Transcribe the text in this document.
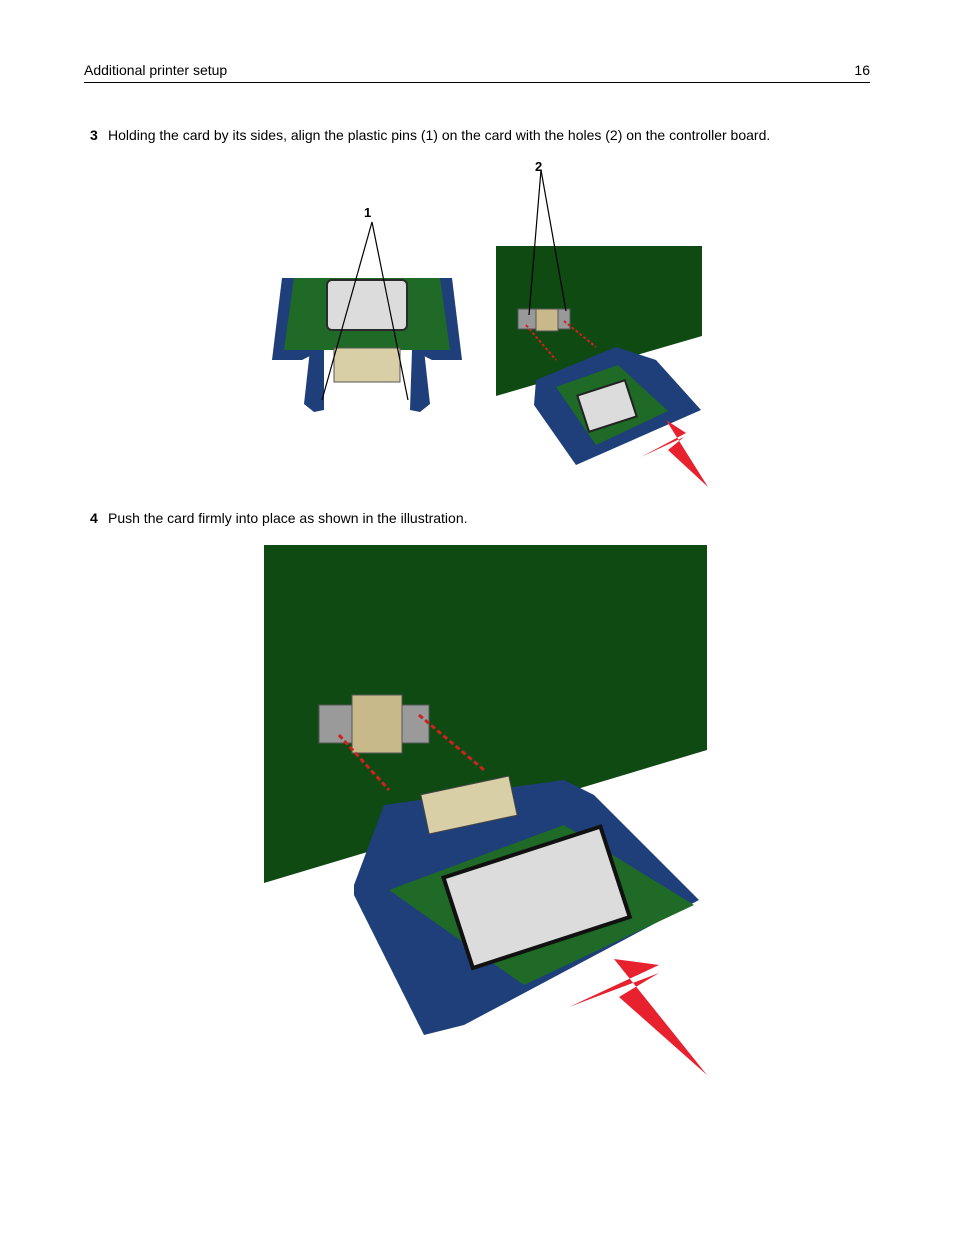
Additional printer setup	16
3 Holding the card by its sides, align the plastic pins (1) on the card with the holes (2) on the controller board.
1
2
4 Push the card firmly into place as shown in the illustration.
